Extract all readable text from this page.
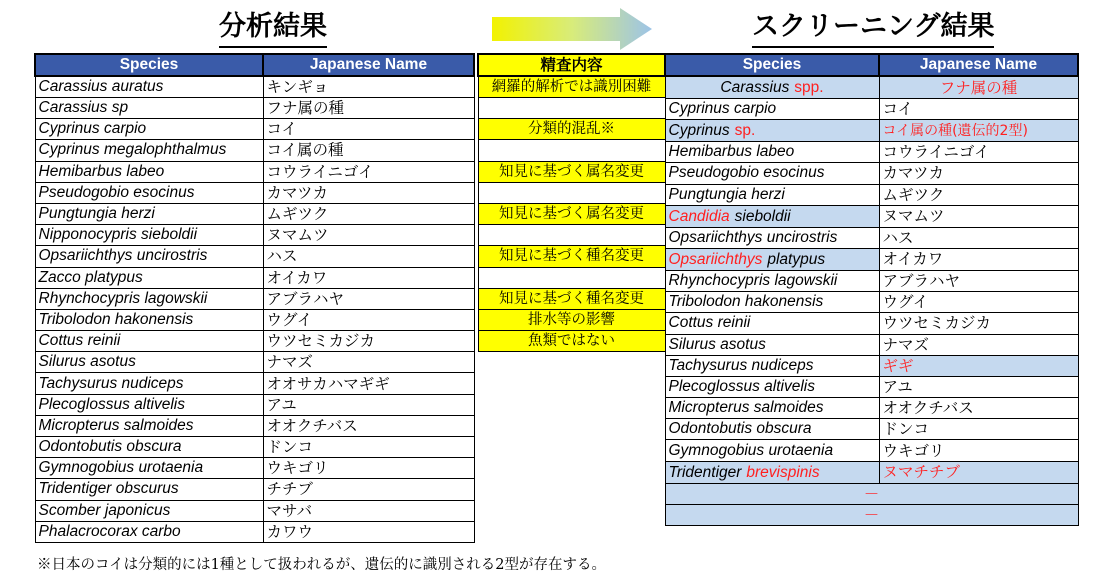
分析結果	スクリーニング結果
Species	Japanese Name
Carassius auratus	キンギョ
Carassius sp	フナ属の種
Cyprinus carpio	コイ
Cyprinus megalophthalmus	コイ属の種
Hemibarbus labeo	コウライニゴイ
Pseudogobio esocinus	カマツカ
Pungtungia herzi	ムギツク
Nipponocypris sieboldii	ヌマムツ
Opsariichthys uncirostris	ハス
Zacco platypus	オイカワ
Rhynchocypris lagowskii	アブラハヤ
Tribolodon hakonensis	ウグイ
Cottus reinii	ウツセミカジカ
Silurus asotus	ナマズ
Tachysurus nudiceps	オオサカハマギギ
Plecoglossus altivelis	アユ
Micropterus salmoides	オオクチバス
Odontobutis obscura	ドンコ
Gymnogobius urotaenia	ウキゴリ
Tridentiger obscurus	チチブ
Scomber japonicus	マサバ
Phalacrocorax carbo	カワウ
精査内容
網羅的解析では識別困難

分類的混乱※

知見に基づく属名変更

知見に基づく属名変更

知見に基づく種名変更

知見に基づく種名変更
排水等の影響
魚類ではない
Species	Japanese Name
Carassius spp.	フナ属の種

Cyprinus carpio	コイ
Cyprinus sp.	コイ属の種(遺伝的2型)
Hemibarbus labeo	コウライニゴイ
Pseudogobio esocinus	カマツカ
Pungtungia herzi	ムギツク
Candidia sieboldii	ヌマムツ
Opsariichthys uncirostris	ハス
Opsariichthys platypus	オイカワ
Rhynchocypris lagowskii	アブラハヤ
Tribolodon hakonensis	ウグイ
Cottus reinii	ウツセミカジカ
Silurus asotus	ナマズ
Tachysurus nudiceps	ギギ
Plecoglossus altivelis	アユ
Micropterus salmoides	オオクチバス
Odontobutis obscura	ドンコ
Gymnogobius urotaenia	ウキゴリ
Tridentiger brevispinis	ヌマチチブ
－	
－	
※日本のコイは分類的には1種として扱われるが、遺伝的に識別される2型が存在する。
